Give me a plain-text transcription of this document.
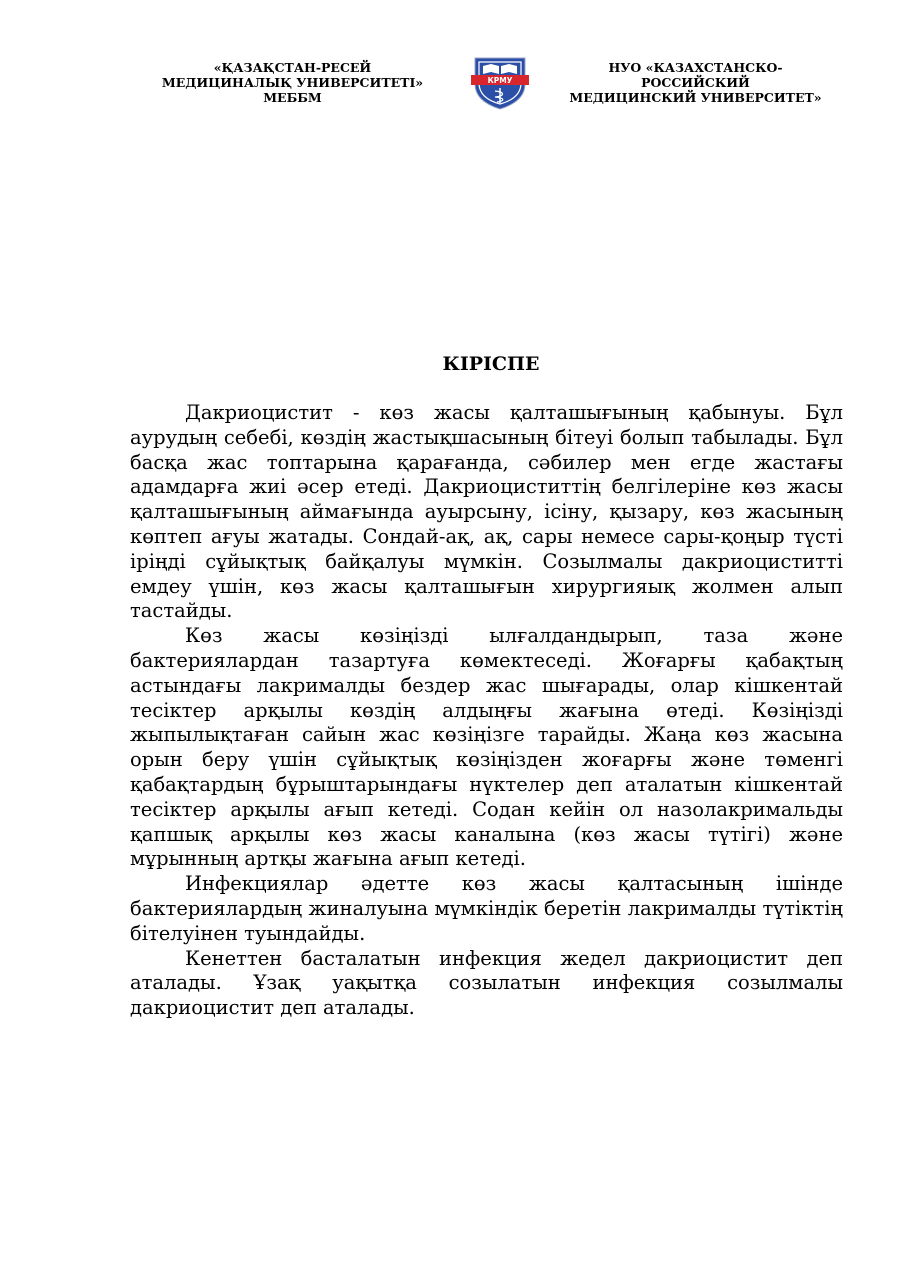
«ҚАЗАҚСТАН-РЕСЕЙ
МЕДИЦИНАЛЫҚ УНИВЕРСИТЕТІ»
МЕББМ
КРМУ
НУО «КАЗАХСТАНСКО-
РОССИЙСКИЙ
МЕДИЦИНСКИЙ УНИВЕРСИТЕТ»
КІРІСПЕ

Дакриоцистит - көз жасы қалташығының қабынуы. Бұл аурудың себебі, көздің жастықшасының бітеуі болып табылады. Бұл басқа жас топтарына қарағанда, сәбилер мен егде жастағы адамдарға жиі әсер етеді. Дакриоциститтің белгілеріне көз жасы қалташығының аймағында ауырсыну, ісіну, қызару, көз жасының көптеп ағуы жатады. Сондай-ақ, ақ, сары немесе сары-қоңыр түсті іріңді сұйықтық байқалуы мүмкін. Созылмалы дакриоциститті емдеу үшін, көз жасы қалташығын хирургияық жолмен алып тастайды.

Көз жасы көзіңізді ылғалдандырып, таза және бактериялардан тазартуға көмектеседі. Жоғарғы қабақтың астындағы лакрималды бездер жас шығарады, олар кішкентай тесіктер арқылы көздің алдыңғы жағына өтеді. Көзіңізді жыпылықтаған сайын жас көзіңізге тарайды. Жаңа көз жасына орын беру үшін сұйықтық көзіңізден жоғарғы және төменгі қабақтардың бұрыштарындағы нүктелер деп аталатын кішкентай тесіктер арқылы ағып кетеді. Содан кейін ол назолакримальды қапшық арқылы көз жасы каналына (көз жасы түтігі) және мұрынның артқы жағына ағып кетеді.

Инфекциялар әдетте көз жасы қалтасының ішінде бактериялардың жиналуына мүмкіндік беретін лакрималды түтіктің бітелуінен туындайды.

Кенеттен басталатын инфекция жедел дакриоцистит деп аталады. Ұзақ уақытқа созылатын инфекция созылмалы дакриоцистит деп аталады.
